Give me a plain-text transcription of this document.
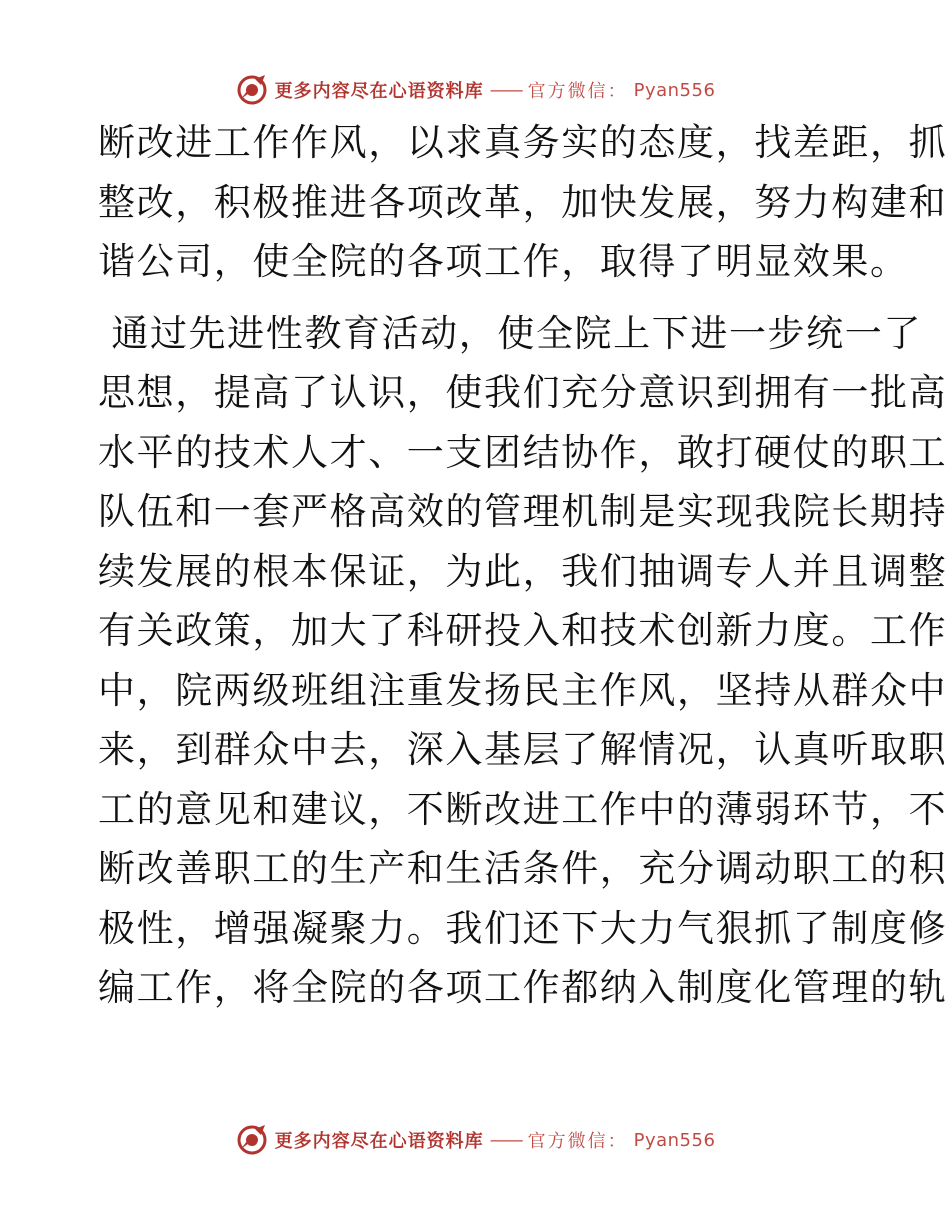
更多内容尽在心语资料库 —— 官方微信： Pyan556

断改进工作作风，以求真务实的态度，找差距，抓
整改，积极推进各项改革，加快发展，努力构建和
谐公司，使全院的各项工作，取得了明显效果。

通过先进性教育活动，使全院上下进一步统一了
思想，提高了认识，使我们充分意识到拥有一批高
水平的技术人才、一支团结协作，敢打硬仗的职工
队伍和一套严格高效的管理机制是实现我院长期持
续发展的根本保证，为此，我们抽调专人并且调整
有关政策，加大了科研投入和技术创新力度。工作
中，院两级班组注重发扬民主作风，坚持从群众中
来，到群众中去，深入基层了解情况，认真听取职
工的意见和建议，不断改进工作中的薄弱环节，不
断改善职工的生产和生活条件，充分调动职工的积
极性，增强凝聚力。我们还下大力气狠抓了制度修
编工作，将全院的各项工作都纳入制度化管理的轨

更多内容尽在心语资料库 —— 官方微信： Pyan556
